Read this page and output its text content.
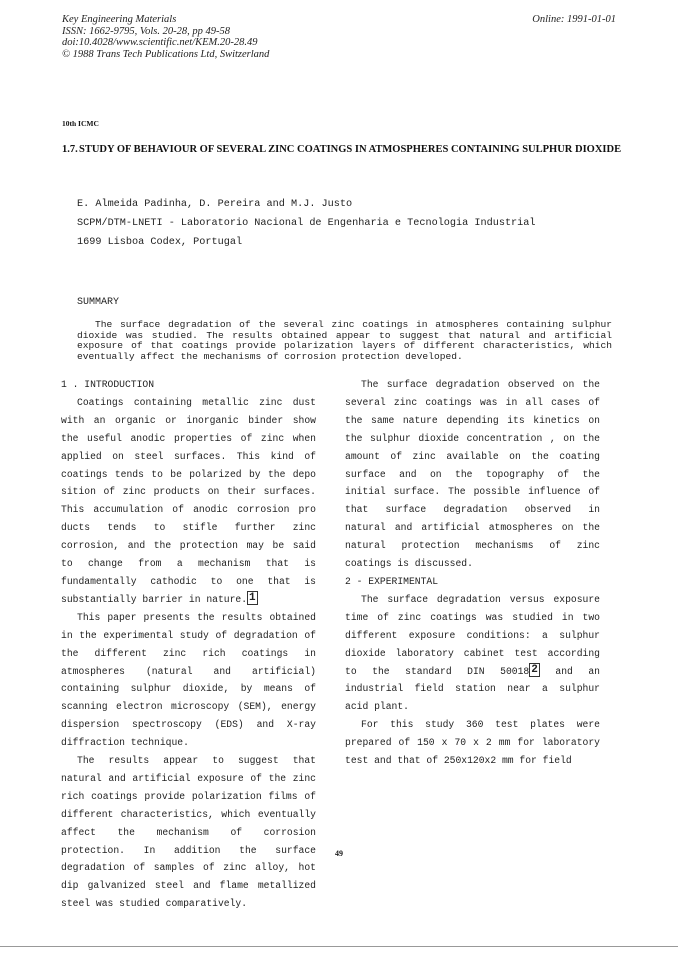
Key Engineering Materials
ISSN: 1662-9795, Vols. 20-28, pp 49-58
doi:10.4028/www.scientific.net/KEM.20-28.49
© 1988 Trans Tech Publications Ltd, Switzerland
Online: 1991-01-01
10th ICMC
1.7. STUDY OF BEHAVIOUR OF SEVERAL ZINC COATINGS IN ATMOSPHERES CONTAINING SULPHUR DIOXIDE
E. Almeida Padinha, D. Pereira and M.J. Justo
SCPM/DTM-LNETI - Laboratorio Nacional de Engenharia e Tecnologia Industrial
1699 Lisboa Codex, Portugal
SUMMARY
The surface degradation of the several zinc coatings in atmospheres containing sulphur dioxide was studied. The results obtained appear to suggest that natural and artificial exposure of that coatings provide polarization layers of different characteristics, which eventually affect the mechanisms of corrosion protection developed.

1 . INTRODUCTION

Coatings containing metallic zinc dust with an organic or inorganic binder show the useful anodic properties of zinc when applied on steel surfaces. This kind of coatings tends to be polarized by the depo sition of zinc products on their surfaces. This accumulation of anodic corrosion pro ducts tends to stifle further zinc corrosion, and the protection may be said to change from a mechanism that is fundamentally cathodic to one that is substantially barrier in nature. 1

This paper presents the results obtained in the experimental study of degradation of the different zinc rich coatings in atmospheres (natural and artificial) containing sulphur dioxide, by means of scanning electron microscopy (SEM), energy dispersion spectroscopy (EDS) and X-ray diffraction technique.

The results appear to suggest that natural and artificial exposure of the zinc rich coatings provide polarization films of different characteristics, which eventually affect the mechanism of corrosion protection. In addition the surface degradation of samples of zinc alloy, hot dip galvanized steel and flame metallized steel was studied comparatively.

The surface degradation observed on the several zinc coatings was in all cases of the same nature depending its kinetics on the sulphur dioxide concentration , on the amount of zinc available on the coating surface and on the topography of the initial surface. The possible influence of that surface degradation observed in natural and artificial atmospheres on the natural protection mechanisms of zinc coatings is discussed.

2 - EXPERIMENTAL

The surface degradation versus exposure time of zinc coatings was studied in two different exposure conditions: a sulphur dioxide laboratory cabinet test according to the standard DIN 50018 2 and an industrial field station near a sulphur acid plant.

For this study 360 test plates were prepared of 150 x 70 x 2 mm for laboratory test and that of 250x120x2 mm for field

49
